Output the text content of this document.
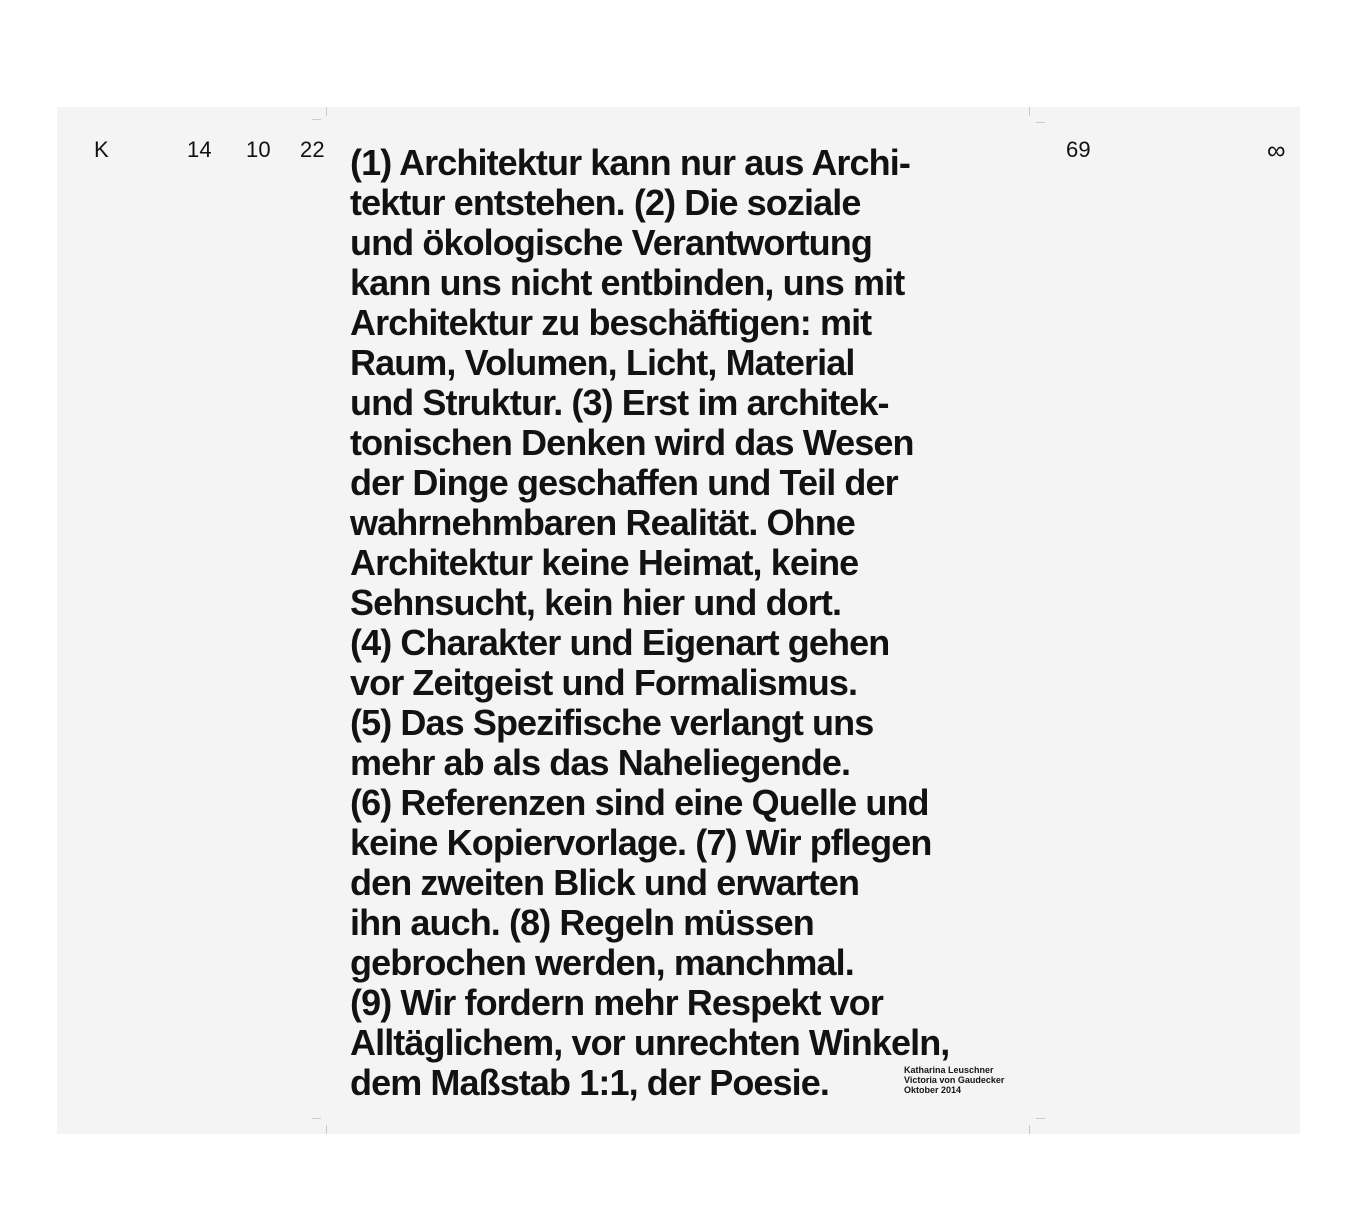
K	14 10 22	69	∞
(1) Architektur kann nur aus Archi-
tektur entstehen. (2) Die soziale
und ökologische Verantwortung
kann uns nicht entbinden, uns mit
Architektur zu beschäftigen: mit
Raum, Volumen, Licht, Material
und Struktur. (3) Erst im architek-
tonischen Denken wird das Wesen
der Dinge geschaffen und Teil der
wahrnehmbaren Realität. Ohne
Architektur keine Heimat, keine
Sehnsucht, kein hier und dort.
(4) Charakter und Eigenart gehen
vor Zeitgeist und Formalismus.
(5) Das Spezifische verlangt uns
mehr ab als das Naheliegende.
(6) Referenzen sind eine Quelle und
keine Kopiervorlage. (7) Wir pflegen
den zweiten Blick und erwarten
ihn auch. (8) Regeln müssen
gebrochen werden, manchmal.
(9) Wir fordern mehr Respekt vor
Alltäglichem, vor unrechten Winkeln,
dem Maßstab 1:1, der Poesie.	Katharina Leuschner
Victoria von Gaudecker
Oktober 2014
